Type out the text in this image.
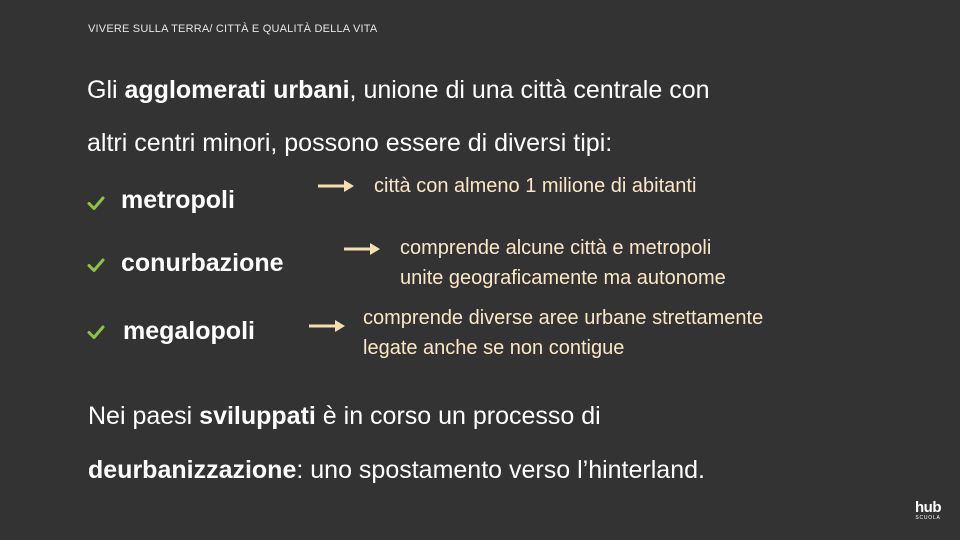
VIVERE SULLA TERRA/ CITTÀ E QUALITÀ DELLA VITA
Gli agglomerati urbani, unione di una città centrale con
altri centri minori, possono essere di diversi tipi:
metropoli	città con almeno 1 milione di abitanti
conurbazione
comprende alcune città e metropoli
unite geograficamente ma autonome
megalopoli	comprende diverse aree urbane strettamente
legate anche se non contigue
Nei paesi sviluppati è in corso un processo di
deurbanizzazione: uno spostamento verso l’hinterland.
hub
SCUOLA
